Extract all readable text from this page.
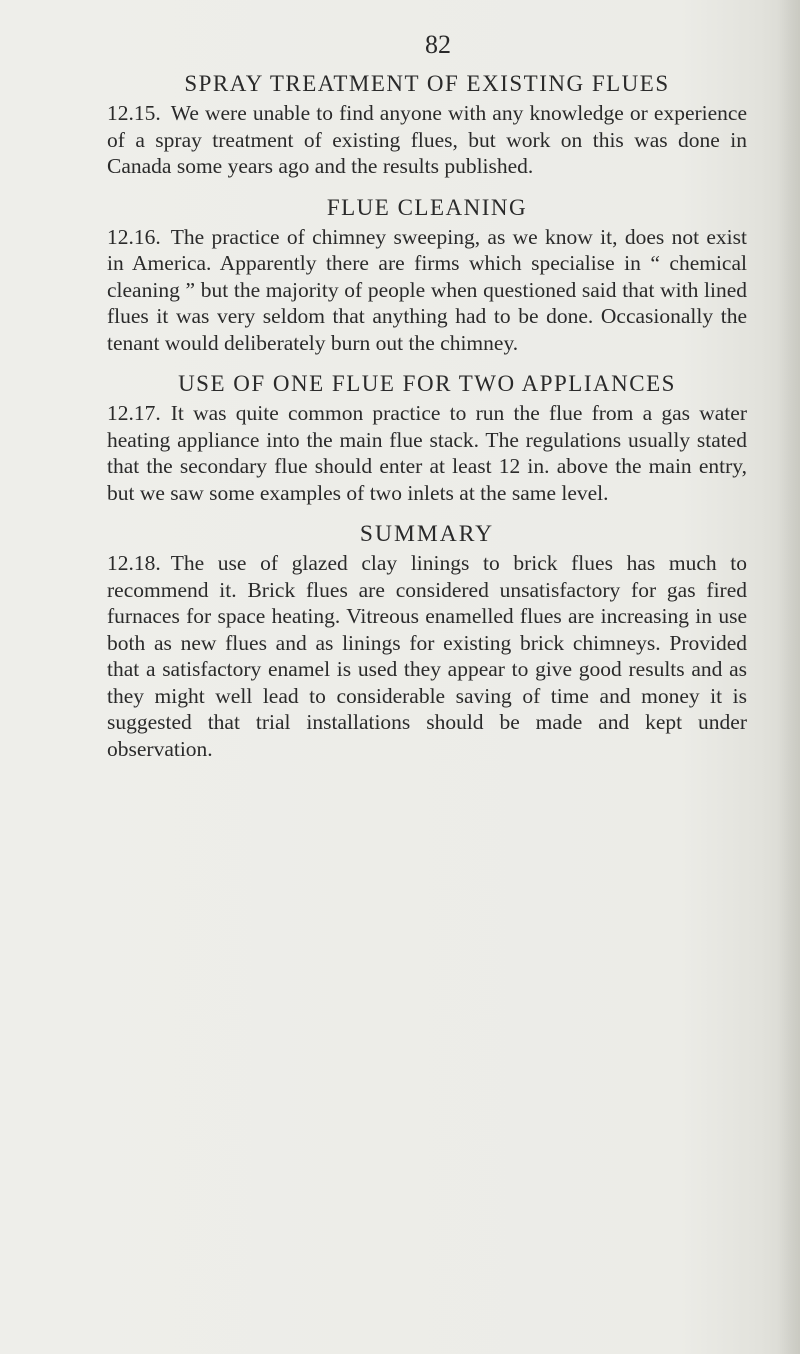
82
SPRAY TREATMENT OF EXISTING FLUES

12.15. We were unable to find anyone with any knowledge or experience of a spray treatment of existing flues, but work on this was done in Canada some years ago and the results published.

FLUE CLEANING

12.16. The practice of chimney sweeping, as we know it, does not exist in America. Apparently there are firms which specialise in “ chemical cleaning ” but the majority of people when questioned said that with lined flues it was very seldom that anything had to be done. Occasionally the tenant would deliberately burn out the chimney.

USE OF ONE FLUE FOR TWO APPLIANCES

12.17. It was quite common practice to run the flue from a gas water heating appliance into the main flue stack. The regulations usually stated that the secondary flue should enter at least 12 in. above the main entry, but we saw some examples of two inlets at the same level.

SUMMARY

12.18. The use of glazed clay linings to brick flues has much to recommend it. Brick flues are considered unsatisfactory for gas fired furnaces for space heating. Vitreous enamelled flues are increasing in use both as new flues and as linings for existing brick chimneys. Provided that a satisfactory enamel is used they appear to give good results and as they might well lead to considerable saving of time and money it is suggested that trial installations should be made and kept under observation.
